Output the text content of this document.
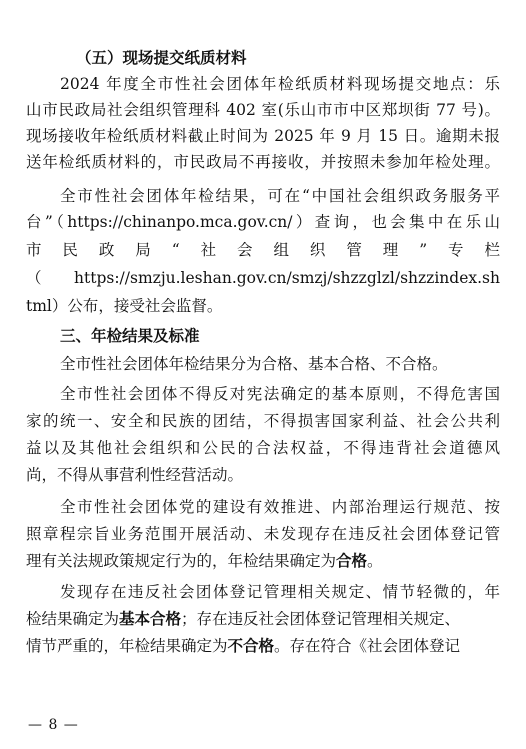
（五）现场提交纸质材料
2024 年度全市性社会团体年检纸质材料现场提交地点：乐
山市民政局社会组织管理科 402 室(乐山市市中区郑坝街 77 号)。
现场接收年检纸质材料截止时间为 2025 年 9 月 15 日。逾期未报
送年检纸质材料的，市民政局不再接收，并按照未参加年检处理。
全市性社会团体年检结果，可在“中国社会组织政务服务平
台”（https://chinanpo.mca.gov.cn/）查询，也会集中在乐山
市民政局“社会组织管理”专栏
（https://smzju.leshan.gov.cn/smzj/shzzglzl/shzzindex.sh
tml）公布，接受社会监督。
三、年检结果及标准
全市性社会团体年检结果分为合格、基本合格、不合格。
全市性社会团体不得反对宪法确定的基本原则，不得危害国
家的统一、安全和民族的团结，不得损害国家利益、社会公共利
益以及其他社会组织和公民的合法权益，不得违背社会道德风
尚，不得从事营利性经营活动。
全市性社会团体党的建设有效推进、内部治理运行规范、按
照章程宗旨业务范围开展活动、未发现存在违反社会团体登记管
理有关法规政策规定行为的，年检结果确定为合格。
发现存在违反社会团体登记管理相关规定、情节轻微的，年
检结果确定为基本合格；存在违反社会团体登记管理相关规定、
情节严重的，年检结果确定为不合格。存在符合《社会团体登记
— 8 —
